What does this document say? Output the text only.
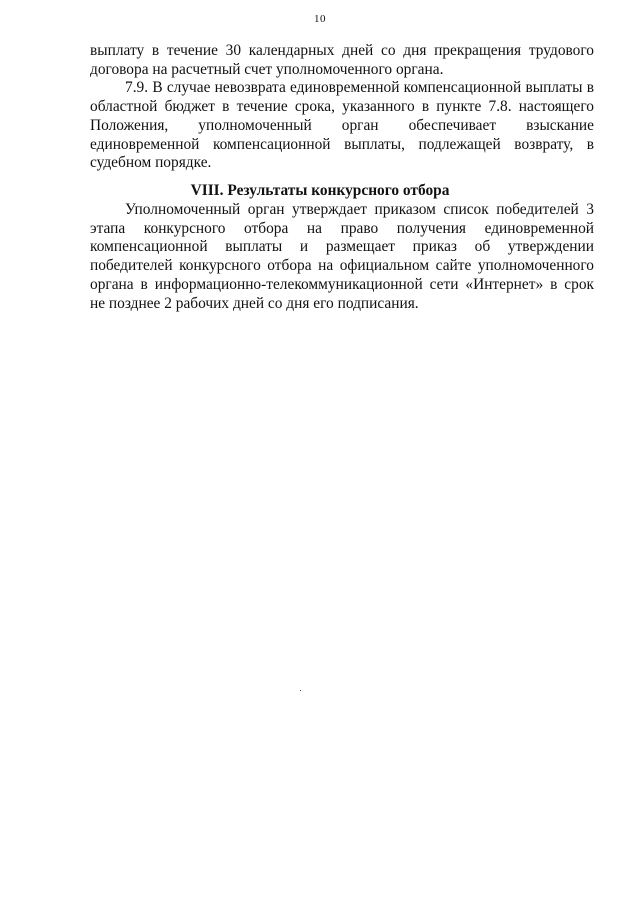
10

выплату в течение 30 календарных дней со дня прекращения трудового договора на расчетный счет уполномоченного органа.

7.9. В случае невозврата единовременной компенсационной выплаты в областной бюджет в течение срока, указанного в пункте 7.8. настоящего Положения, уполномоченный орган обеспечивает взыскание единовременной компенсационной выплаты, подлежащей возврату, в судебном порядке.

VIII. Результаты конкурсного отбора

Уполномоченный орган утверждает приказом список победителей 3 этапа конкурсного отбора на право получения единовременной компенсационной выплаты и размещает приказ об утверждении победителей конкурсного отбора на официальном сайте уполномоченного органа в информационно-телекоммуникационной сети «Интернет» в срок не позднее 2 рабочих дней со дня его подписания.
